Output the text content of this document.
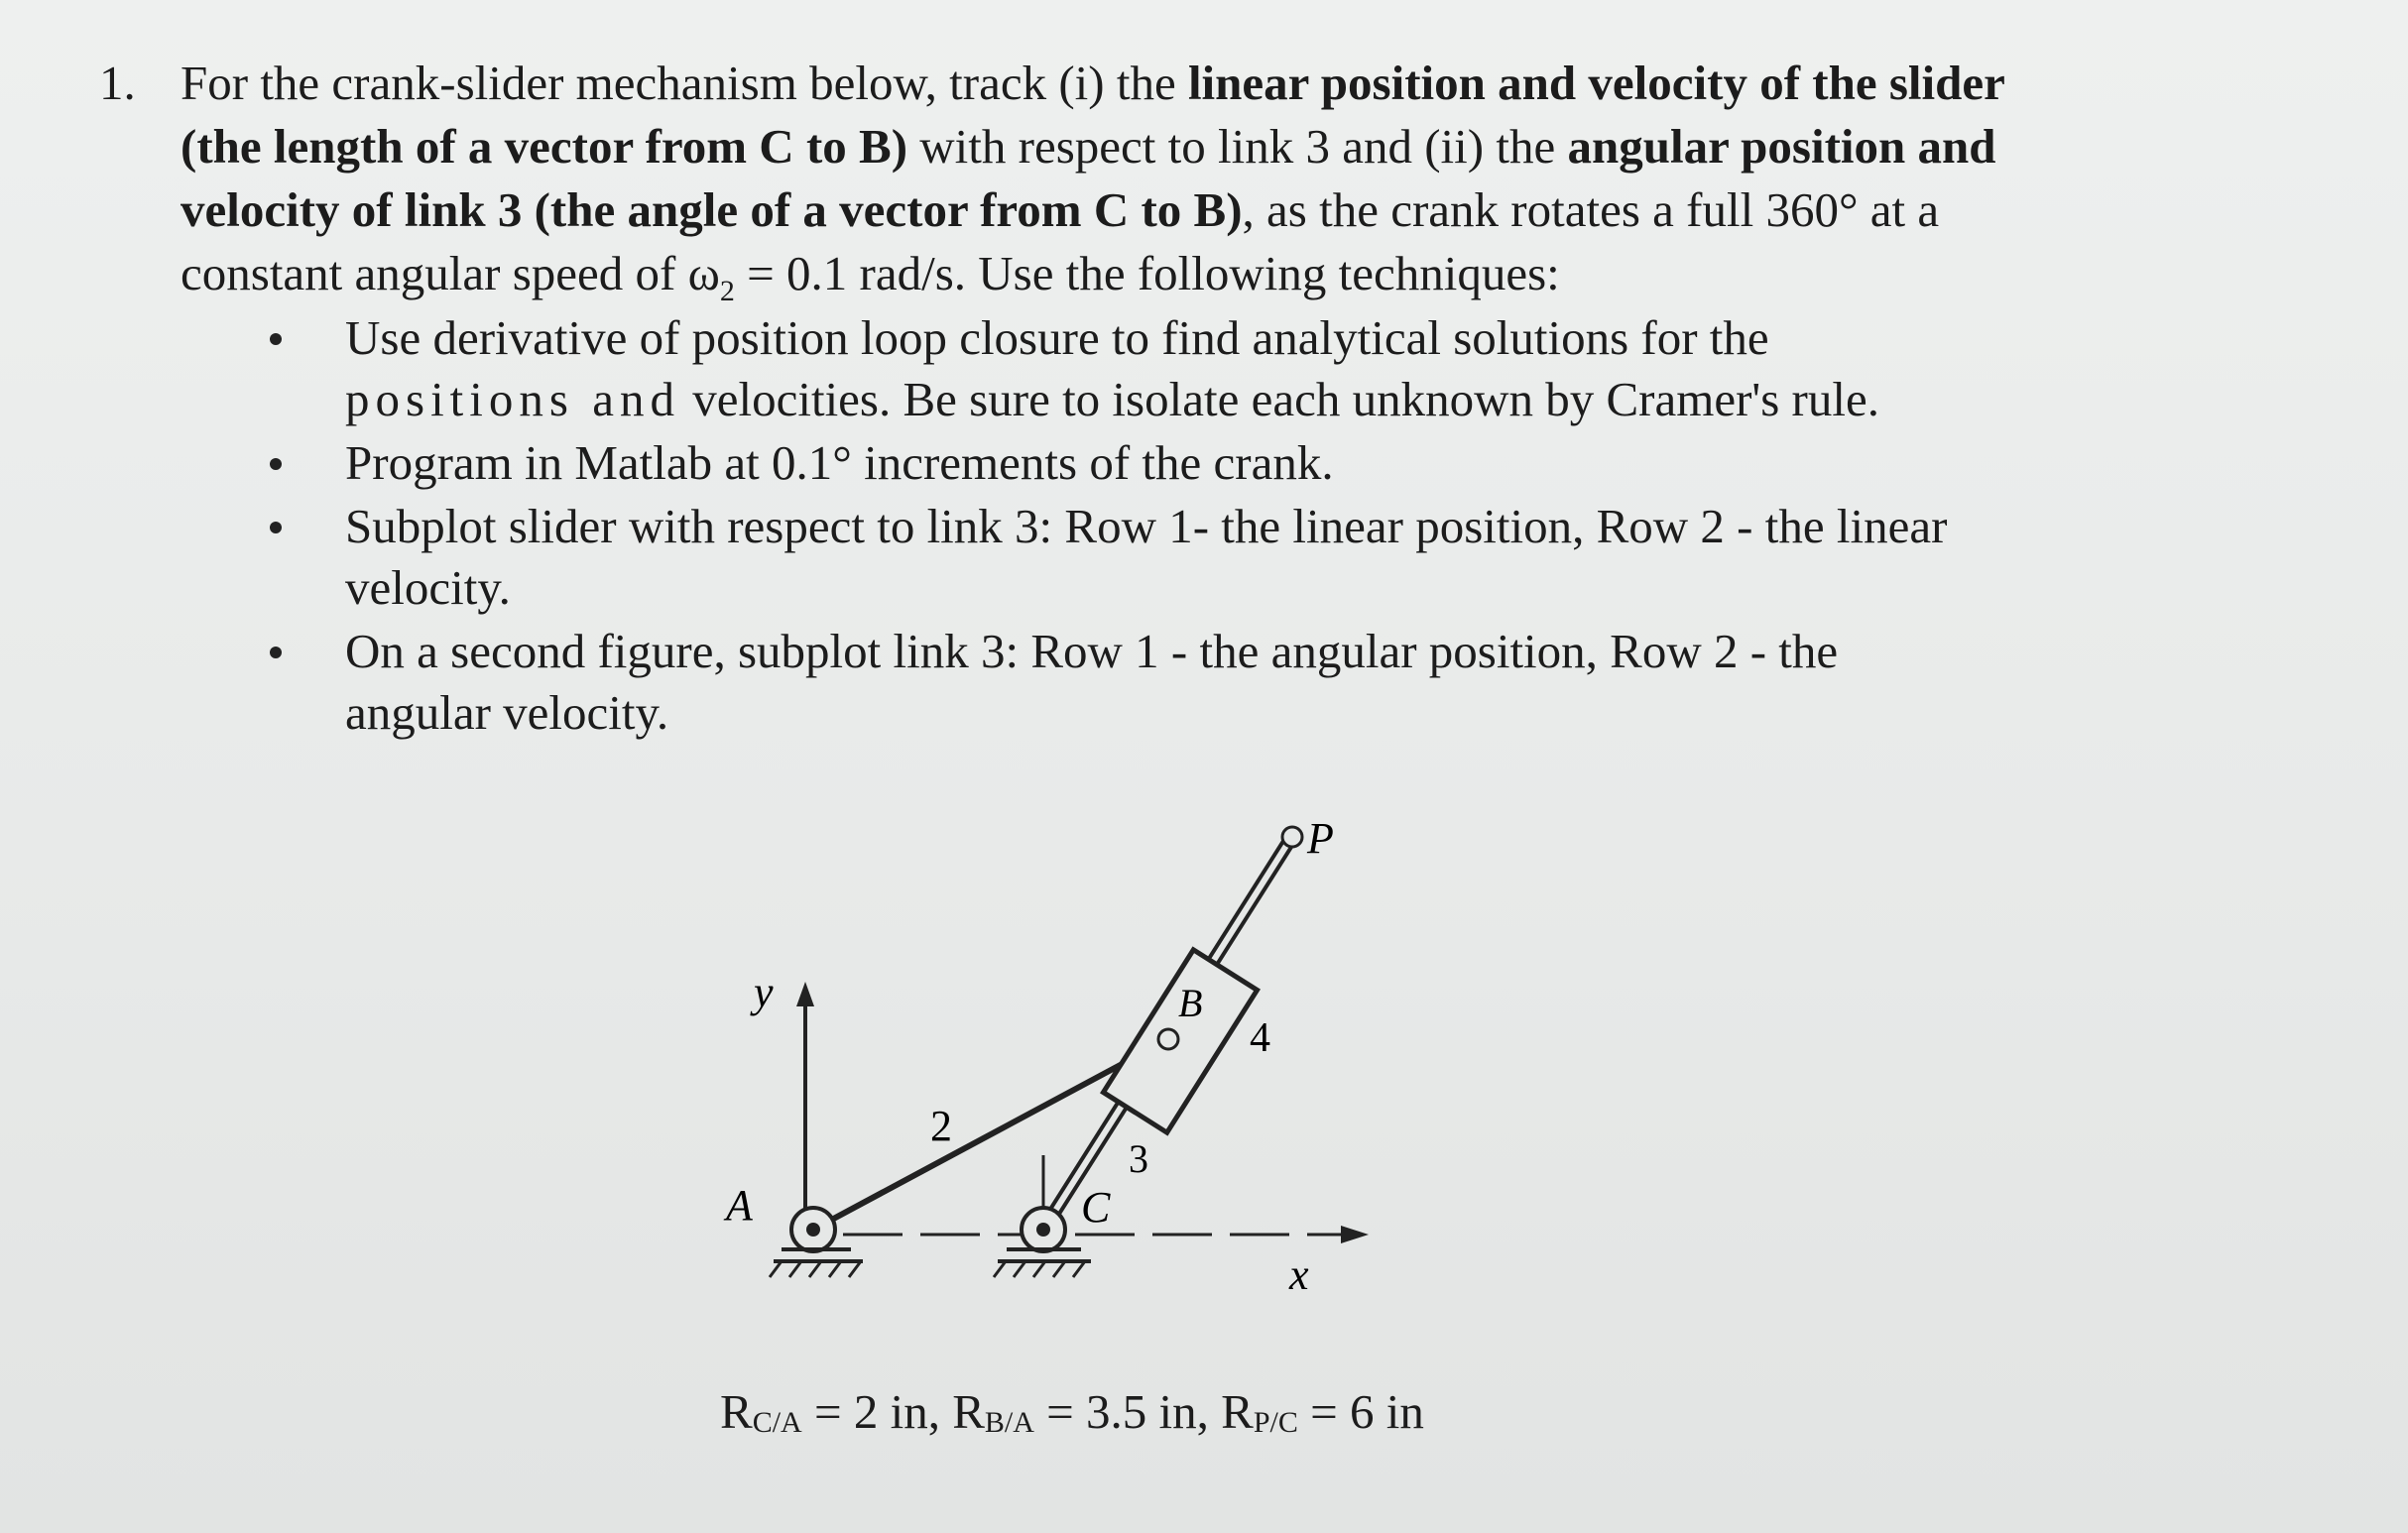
1. For the crank-slider mechanism below, track (i) the linear position and velocity of the slider
(the length of a vector from C to B) with respect to link 3 and (ii) the angular position and
velocity of link 3 (the angle of a vector from C to B), as the crank rotates a full 360° at a
constant angular speed of $\omega_2 = 0.1$ rad/s. Use the following techniques:
Use derivative of position loop closure to find analytical solutions for the
positions and velocities. Be sure to isolate each unknown by Cramer's rule.
Program in Matlab at 0.1° increments of the crank.
Subplot slider with respect to link 3: Row 1- the linear position, Row 2 - the linear
velocity.
On a second figure, subplot link 3: Row 1 - the angular position, Row 2 - the
angular velocity.
y
x
P
2
B
4
3
A	C
$R_{C/A} = 2$ in, $R_{B/A} = 3.5$ in, $R_{P/C} = 6$ in
